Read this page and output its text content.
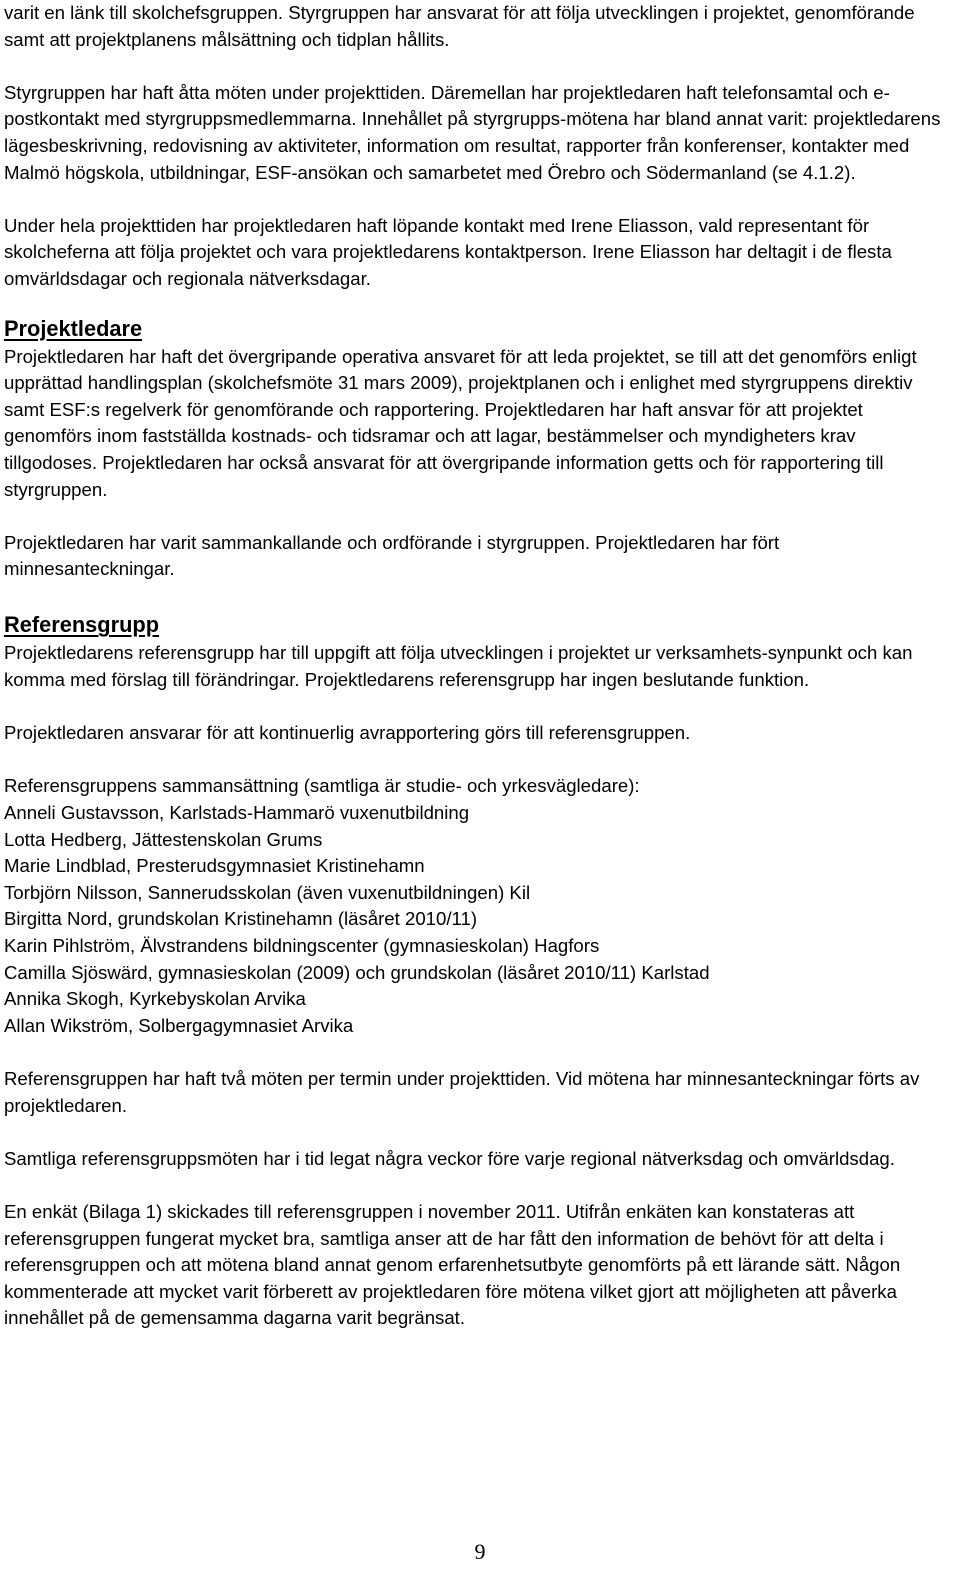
varit en länk till skolchefsgruppen. Styrgruppen har ansvarat för att följa utvecklingen i projektet, genomförande samt att projektplanens målsättning och tidplan hållits.

Styrgruppen har haft åtta möten under projekttiden. Däremellan har projektledaren haft telefonsamtal och e-postkontakt med styrgruppsmedlemmarna. Innehållet på styrgrupps-mötena har bland annat varit: projektledarens lägesbeskrivning, redovisning av aktiviteter, information om resultat, rapporter från konferenser, kontakter med Malmö högskola, utbildningar, ESF-ansökan och samarbetet med Örebro och Södermanland (se 4.1.2).

Under hela projekttiden har projektledaren haft löpande kontakt med Irene Eliasson, vald representant för skolcheferna att följa projektet och vara projektledarens kontaktperson. Irene Eliasson har deltagit i de flesta omvärldsdagar och regionala nätverksdagar.

Projektledare

Projektledaren har haft det övergripande operativa ansvaret för att leda projektet, se till att det genomförs enligt upprättad handlingsplan (skolchefsmöte 31 mars 2009), projektplanen och i enlighet med styrgruppens direktiv samt ESF:s regelverk för genomförande och rapportering. Projektledaren har haft ansvar för att projektet genomförs inom fastställda kostnads- och tidsramar och att lagar, bestämmelser och myndigheters krav tillgodoses. Projektledaren har också ansvarat för att övergripande information getts och för rapportering till styrgruppen.

Projektledaren har varit sammankallande och ordförande i styrgruppen. Projektledaren har fört minnesanteckningar.

Referensgrupp

Projektledarens referensgrupp har till uppgift att följa utvecklingen i projektet ur verksamhets-synpunkt och kan komma med förslag till förändringar. Projektledarens referensgrupp har ingen beslutande funktion.

Projektledaren ansvarar för att kontinuerlig avrapportering görs till referensgruppen.

Referensgruppens sammansättning (samtliga är studie- och yrkesvägledare):

Anneli Gustavsson, Karlstads-Hammarö vuxenutbildning
Lotta Hedberg, Jättestenskolan Grums
Marie Lindblad, Presterudsgymnasiet Kristinehamn
Torbjörn Nilsson, Sannerudsskolan (även vuxenutbildningen) Kil
Birgitta Nord, grundskolan Kristinehamn (läsåret 2010/11)
Karin Pihlström, Älvstrandens bildningscenter (gymnasieskolan) Hagfors
Camilla Sjöswärd, gymnasieskolan (2009) och grundskolan (läsåret 2010/11) Karlstad
Annika Skogh, Kyrkebyskolan Arvika
Allan Wikström, Solbergagymnasiet Arvika

Referensgruppen har haft två möten per termin under projekttiden. Vid mötena har minnesanteckningar förts av projektledaren.

Samtliga referensgruppsmöten har i tid legat några veckor före varje regional nätverksdag och omvärldsdag.

En enkät (Bilaga 1) skickades till referensgruppen i november 2011. Utifrån enkäten kan konstateras att referensgruppen fungerat mycket bra, samtliga anser att de har fått den information de behövt för att delta i referensgruppen och att mötena bland annat genom erfarenhetsutbyte genomförts på ett lärande sätt. Någon kommenterade att mycket varit förberett av projektledaren före mötena vilket gjort att möjligheten att påverka innehållet på de gemensamma dagarna varit begränsat.

9
